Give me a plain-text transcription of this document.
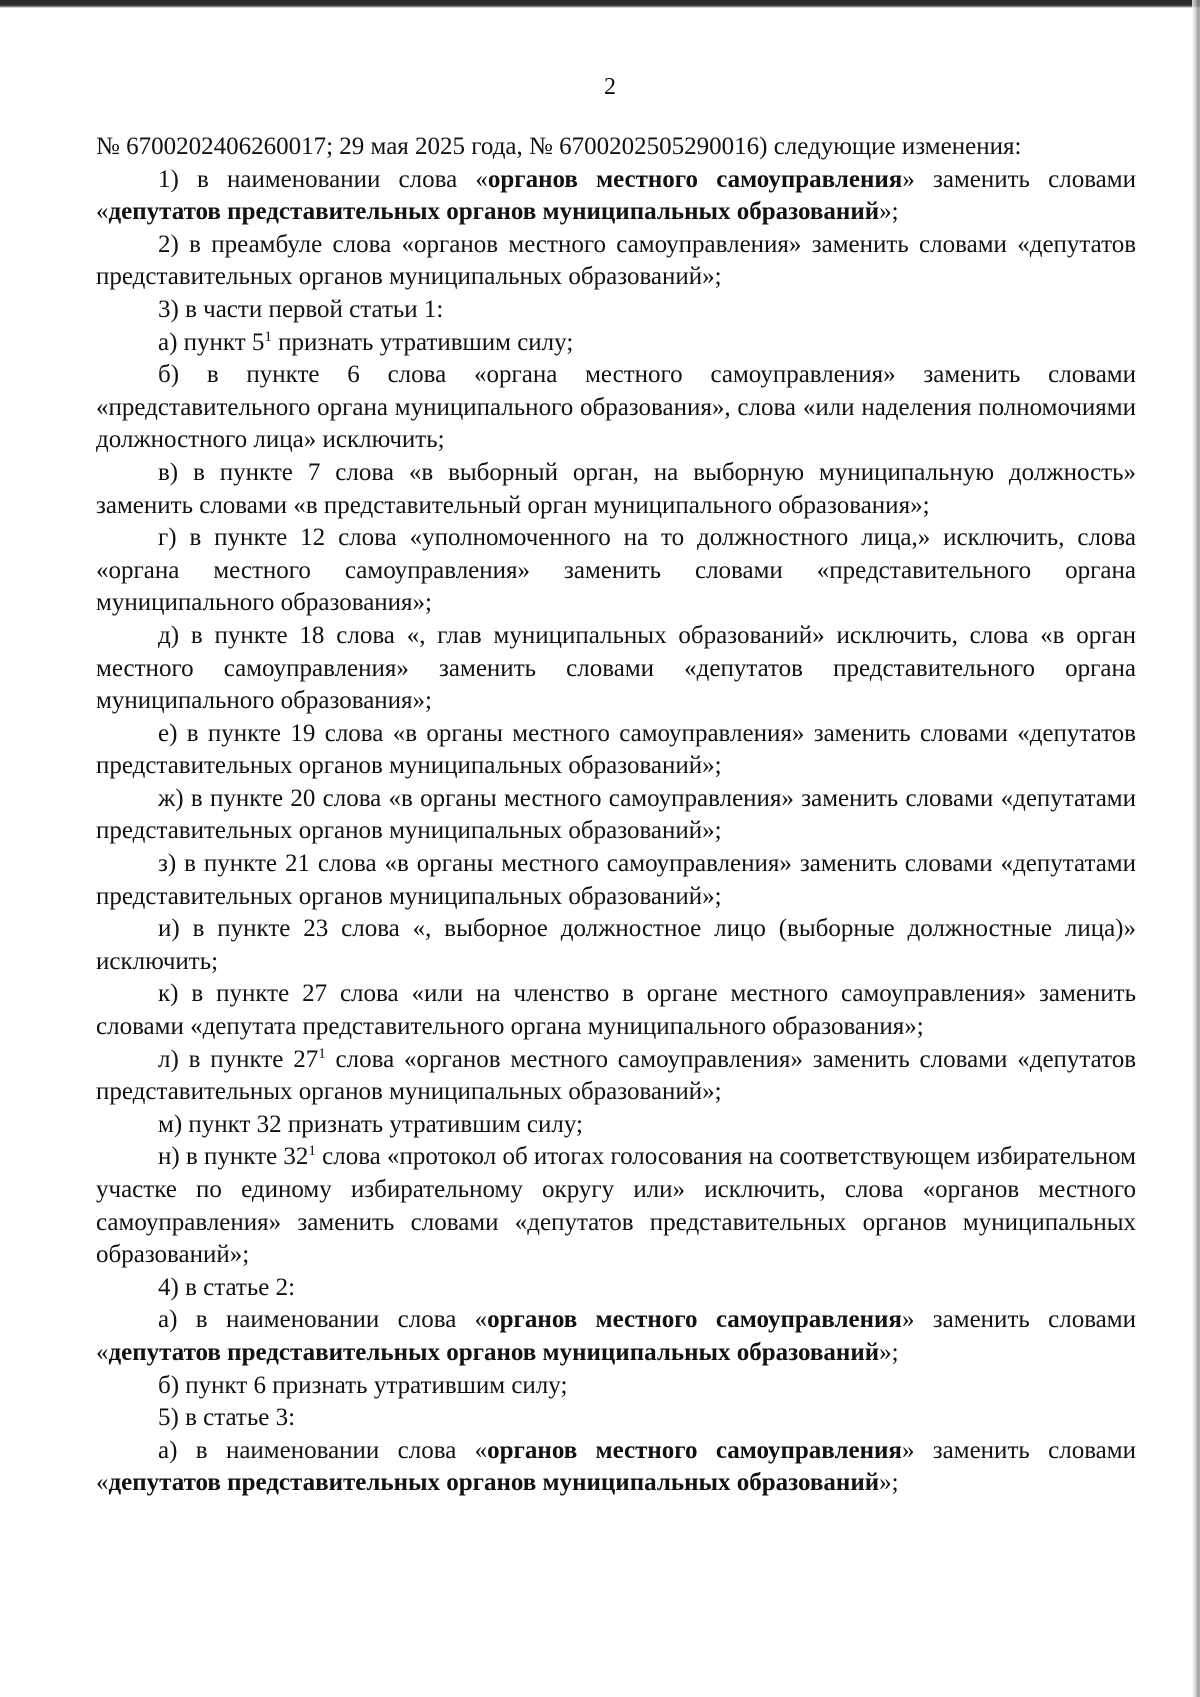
2

№ 6700202406260017; 29 мая 2025 года, № 6700202505290016) следующие изменения:

1) в наименовании слова «органов местного самоуправления» заменить словами «депутатов представительных органов муниципальных образований»;

2) в преамбуле слова «органов местного самоуправления» заменить словами «депутатов представительных органов муниципальных образований»;

3) в части первой статьи 1:

а) пункт $5^1$ признать утратившим силу;

б) в пункте 6 слова «органа местного самоуправления» заменить словами «представительного органа муниципального образования», слова «или наделения полномочиями должностного лица» исключить;

в) в пункте 7 слова «в выборный орган, на выборную муниципальную должность» заменить словами «в представительный орган муниципального образования»;

г) в пункте 12 слова «уполномоченного на то должностного лица,» исключить, слова «органа местного самоуправления» заменить словами «представительного органа муниципального образования»;

д) в пункте 18 слова «, глав муниципальных образований» исключить, слова «в орган местного самоуправления» заменить словами «депутатов представительного органа муниципального образования»;

е) в пункте 19 слова «в органы местного самоуправления» заменить словами «депутатов представительных органов муниципальных образований»;

ж) в пункте 20 слова «в органы местного самоуправления» заменить словами «депутатами представительных органов муниципальных образований»;

з) в пункте 21 слова «в органы местного самоуправления» заменить словами «депутатами представительных органов муниципальных образований»;

и) в пункте 23 слова «, выборное должностное лицо (выборные должностные лица)» исключить;

к) в пункте 27 слова «или на членство в органе местного самоуправления» заменить словами «депутата представительного органа муниципального образования»;

л) в пункте $27^1$ слова «органов местного самоуправления» заменить словами «депутатов представительных органов муниципальных образований»;

м) пункт 32 признать утратившим силу;

н) в пункте $32^1$ слова «протокол об итогах голосования на соответствующем избирательном участке по единому избирательному округу или» исключить, слова «органов местного самоуправления» заменить словами «депутатов представительных органов муниципальных образований»;

4) в статье 2:

а) в наименовании слова «органов местного самоуправления» заменить словами «депутатов представительных органов муниципальных образований»;

б) пункт 6 признать утратившим силу;

5) в статье 3:

а) в наименовании слова «органов местного самоуправления» заменить словами «депутатов представительных органов муниципальных образований»;
